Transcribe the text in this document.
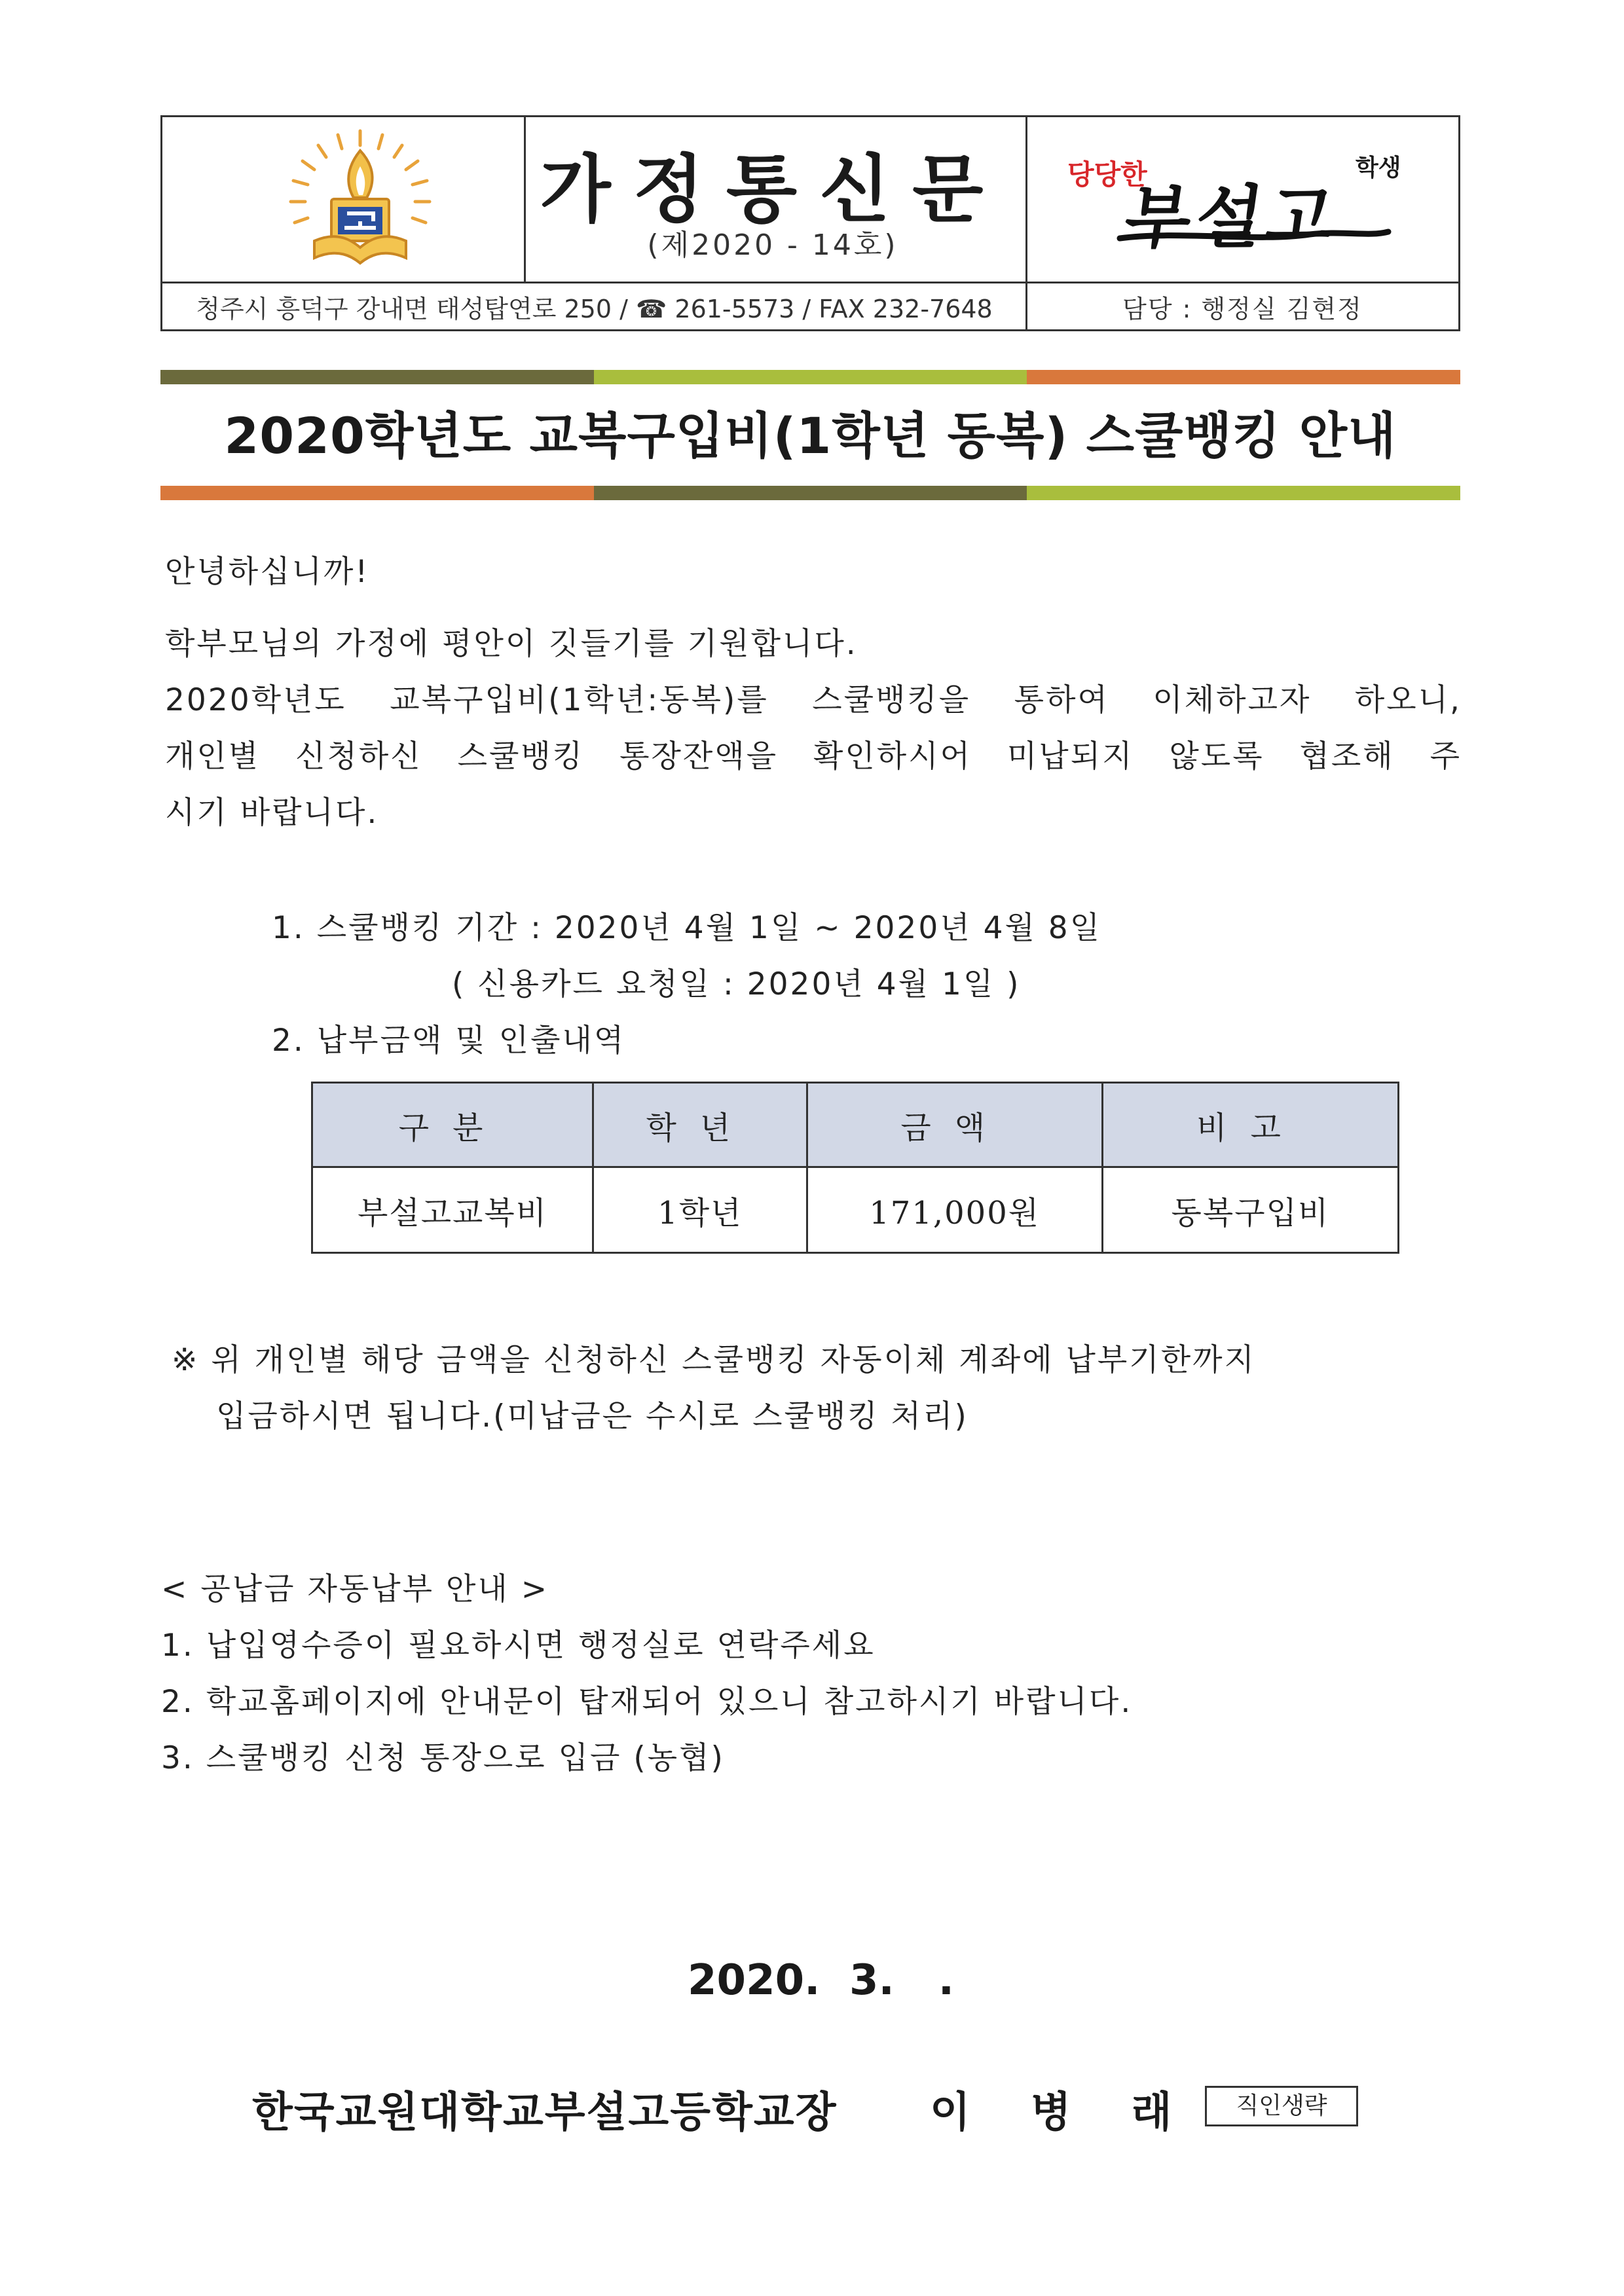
가정통신문
(제2020 - 14호)
당당한
부설고
학생
청주시 흥덕구 강내면 태성탑연로 250 / ☎ 261-5573 / FAX 232-7648	담당 : 행정실 김현정
2020학년도 교복구입비(1학년 동복) 스쿨뱅킹 안내
안녕하십니까!
학부모님의 가정에 평안이 깃들기를 기원합니다.
2020학년도 교복구입비(1학년:동복)를 스쿨뱅킹을 통하여 이체하고자 하오니,
개인별 신청하신 스쿨뱅킹 통장잔액을 확인하시어 미납되지 않도록 협조해 주
시기 바랍니다.
1. 스쿨뱅킹 기간 : 2020년 4월 1일 ~ 2020년 4월 8일
( 신용카드 요청일 : 2020년 4월 1일 )
2. 납부금액 및 인출내역
구분	학년	금액	비고
부설고교복비	1학년	171,000원	동복구입비
※ 위 개인별 해당 금액을 신청하신 스쿨뱅킹 자동이체 계좌에 납부기한까지
입금하시면 됩니다.(미납금은 수시로 스쿨뱅킹 처리)
< 공납금 자동납부 안내 >
1. 납입영수증이 필요하시면 행정실로 연락주세요
2. 학교홈페이지에 안내문이 탑재되어 있으니 참고하시기 바랍니다.
3. 스쿨뱅킹 신청 통장으로 입금 (농협)
2020.  3.   .
한국교원대학교부설고등학교장 이병래 직인생략
